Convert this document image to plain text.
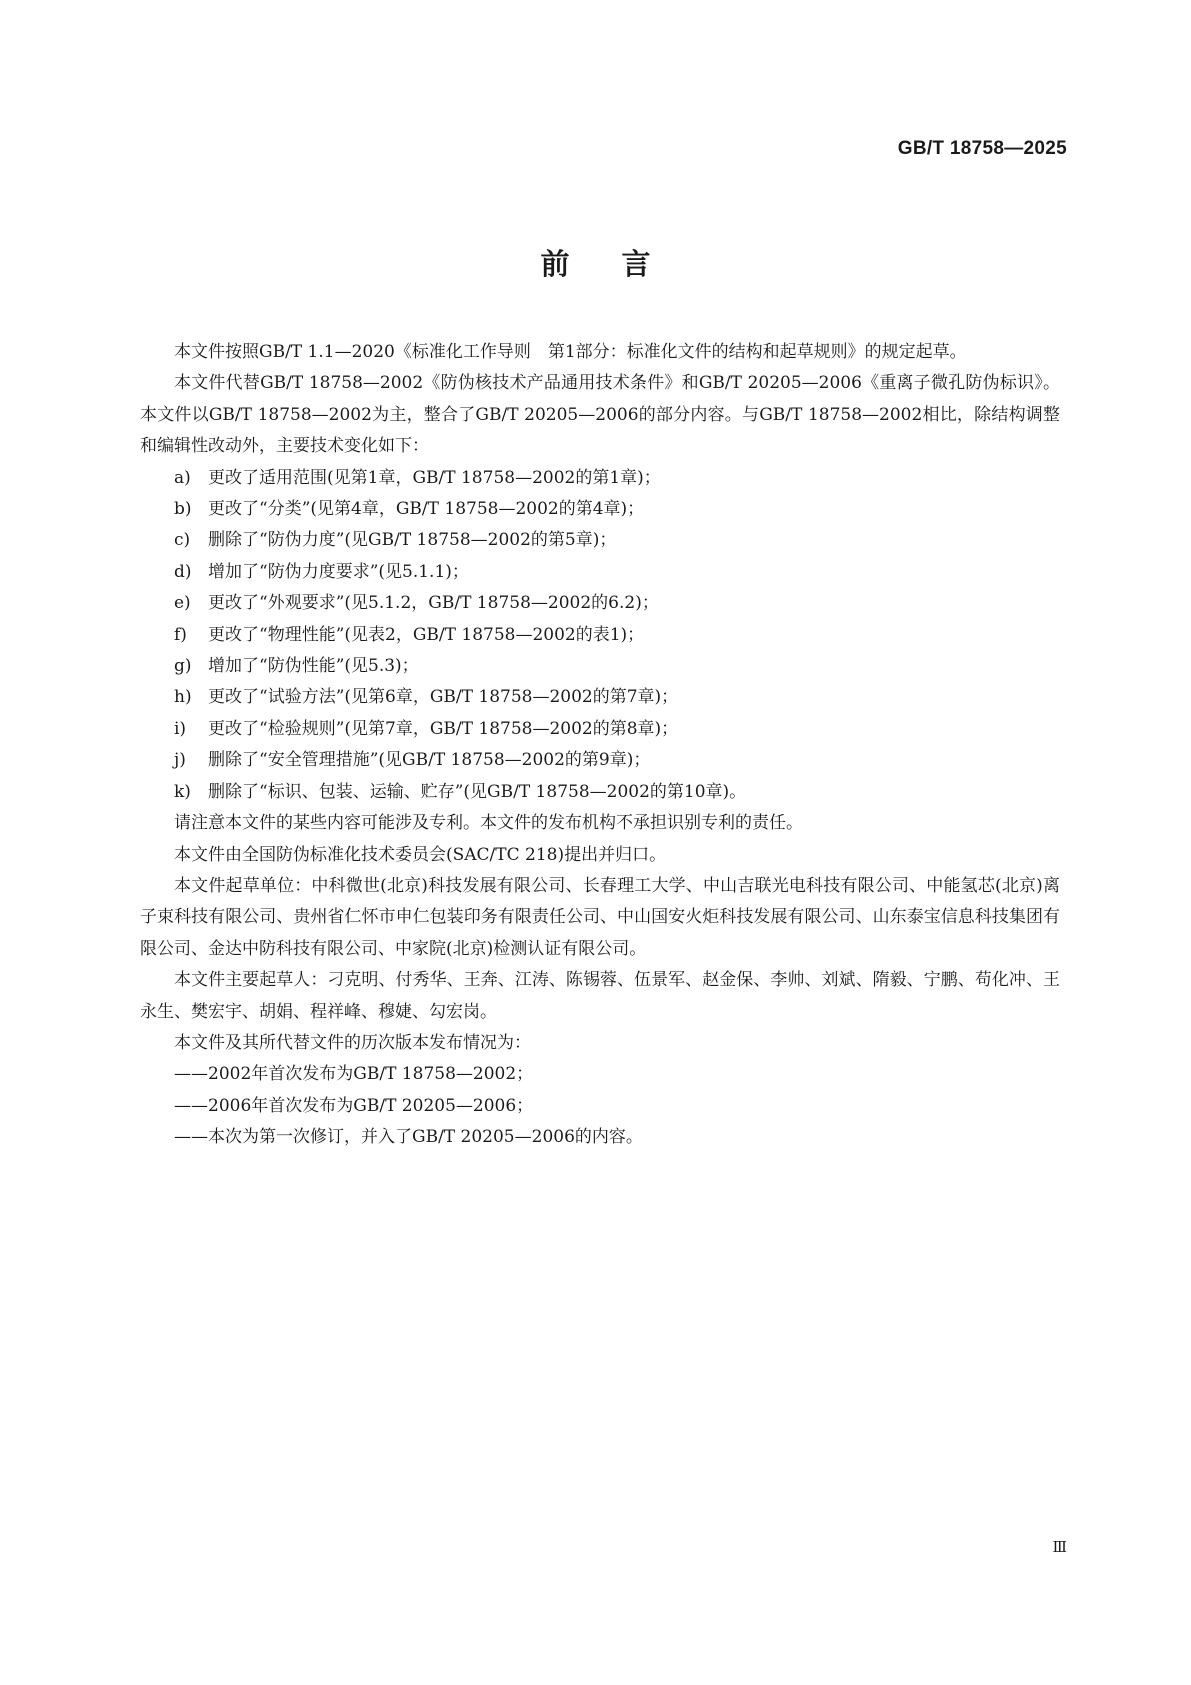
GB/T 18758—2025
前言

本文件按照GB/T 1.1—2020《标准化工作导则　第1部分：标准化文件的结构和起草规则》的规定起草。

本文件代替GB/T 18758—2002《防伪核技术产品通用技术条件》和GB/T 20205—2006《重离子微孔防伪标识》。本文件以GB/T 18758—2002为主，整合了GB/T 20205—2006的部分内容。与GB/T 18758—2002相比，除结构调整和编辑性改动外，主要技术变化如下：

a) 更改了适用范围(见第1章，GB/T 18758—2002的第1章)；

b) 更改了“分类”(见第4章，GB/T 18758—2002的第4章)；

c) 删除了“防伪力度”(见GB/T 18758—2002的第5章)；

d) 增加了“防伪力度要求”(见5.1.1)；

e) 更改了“外观要求”(见5.1.2，GB/T 18758—2002的6.2)；

f) 更改了“物理性能”(见表2，GB/T 18758—2002的表1)；

g) 增加了“防伪性能”(见5.3)；

h) 更改了“试验方法”(见第6章，GB/T 18758—2002的第7章)；

i) 更改了“检验规则”(见第7章，GB/T 18758—2002的第8章)；

j) 删除了“安全管理措施”(见GB/T 18758—2002的第9章)；

k) 删除了“标识、包装、运输、贮存”(见GB/T 18758—2002的第10章)。

请注意本文件的某些内容可能涉及专利。本文件的发布机构不承担识别专利的责任。

本文件由全国防伪标准化技术委员会(SAC/TC 218)提出并归口。

本文件起草单位：中科微世(北京)科技发展有限公司、长春理工大学、中山吉联光电科技有限公司、中能氢芯(北京)离子束科技有限公司、贵州省仁怀市申仁包装印务有限责任公司、中山国安火炬科技发展有限公司、山东泰宝信息科技集团有限公司、金达中防科技有限公司、中家院(北京)检测认证有限公司。

本文件主要起草人：刁克明、付秀华、王奔、江涛、陈锡蓉、伍景军、赵金保、李帅、刘斌、隋毅、宁鹏、苟化冲、王永生、樊宏宇、胡娟、程祥峰、穆婕、勾宏岗。

本文件及其所代替文件的历次版本发布情况为：

——2002年首次发布为GB/T 18758—2002；

——2006年首次发布为GB/T 20205—2006；

——本次为第一次修订，并入了GB/T 20205—2006的内容。

Ⅲ
